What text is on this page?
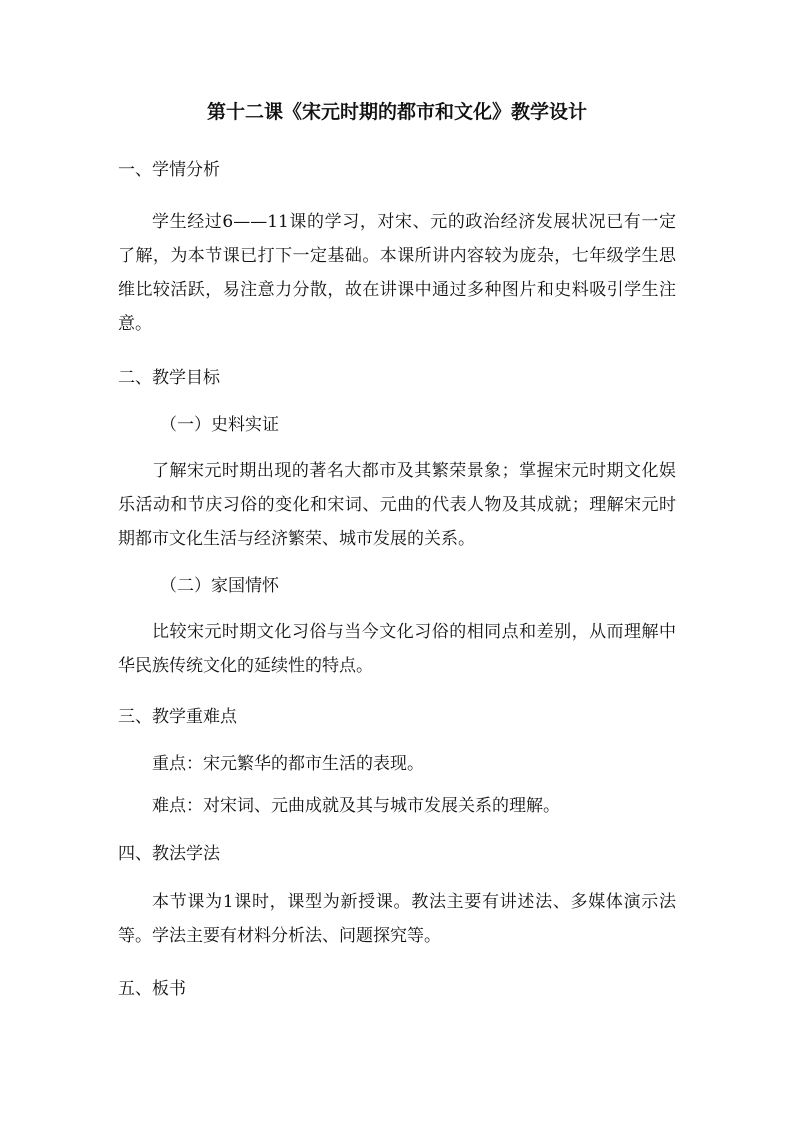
第十二课《宋元时期的都市和文化》教学设计
一、学情分析

学生经过6——11课的学习，对宋、元的政治经济发展状况已有一定了解，为本节课已打下一定基础。本课所讲内容较为庞杂，七年级学生思维比较活跃，易注意力分散，故在讲课中通过多种图片和史料吸引学生注意。

二、教学目标
（一）史料实证

了解宋元时期出现的著名大都市及其繁荣景象；掌握宋元时期文化娱乐活动和节庆习俗的变化和宋词、元曲的代表人物及其成就；理解宋元时期都市文化生活与经济繁荣、城市发展的关系。

（二）家国情怀

比较宋元时期文化习俗与当今文化习俗的相同点和差别，从而理解中华民族传统文化的延续性的特点。

三、教学重难点

重点：宋元繁华的都市生活的表现。

难点：对宋词、元曲成就及其与城市发展关系的理解。

四、教法学法

本节课为1课时，课型为新授课。教法主要有讲述法、多媒体演示法等。学法主要有材料分析法、问题探究等。

五、板书
